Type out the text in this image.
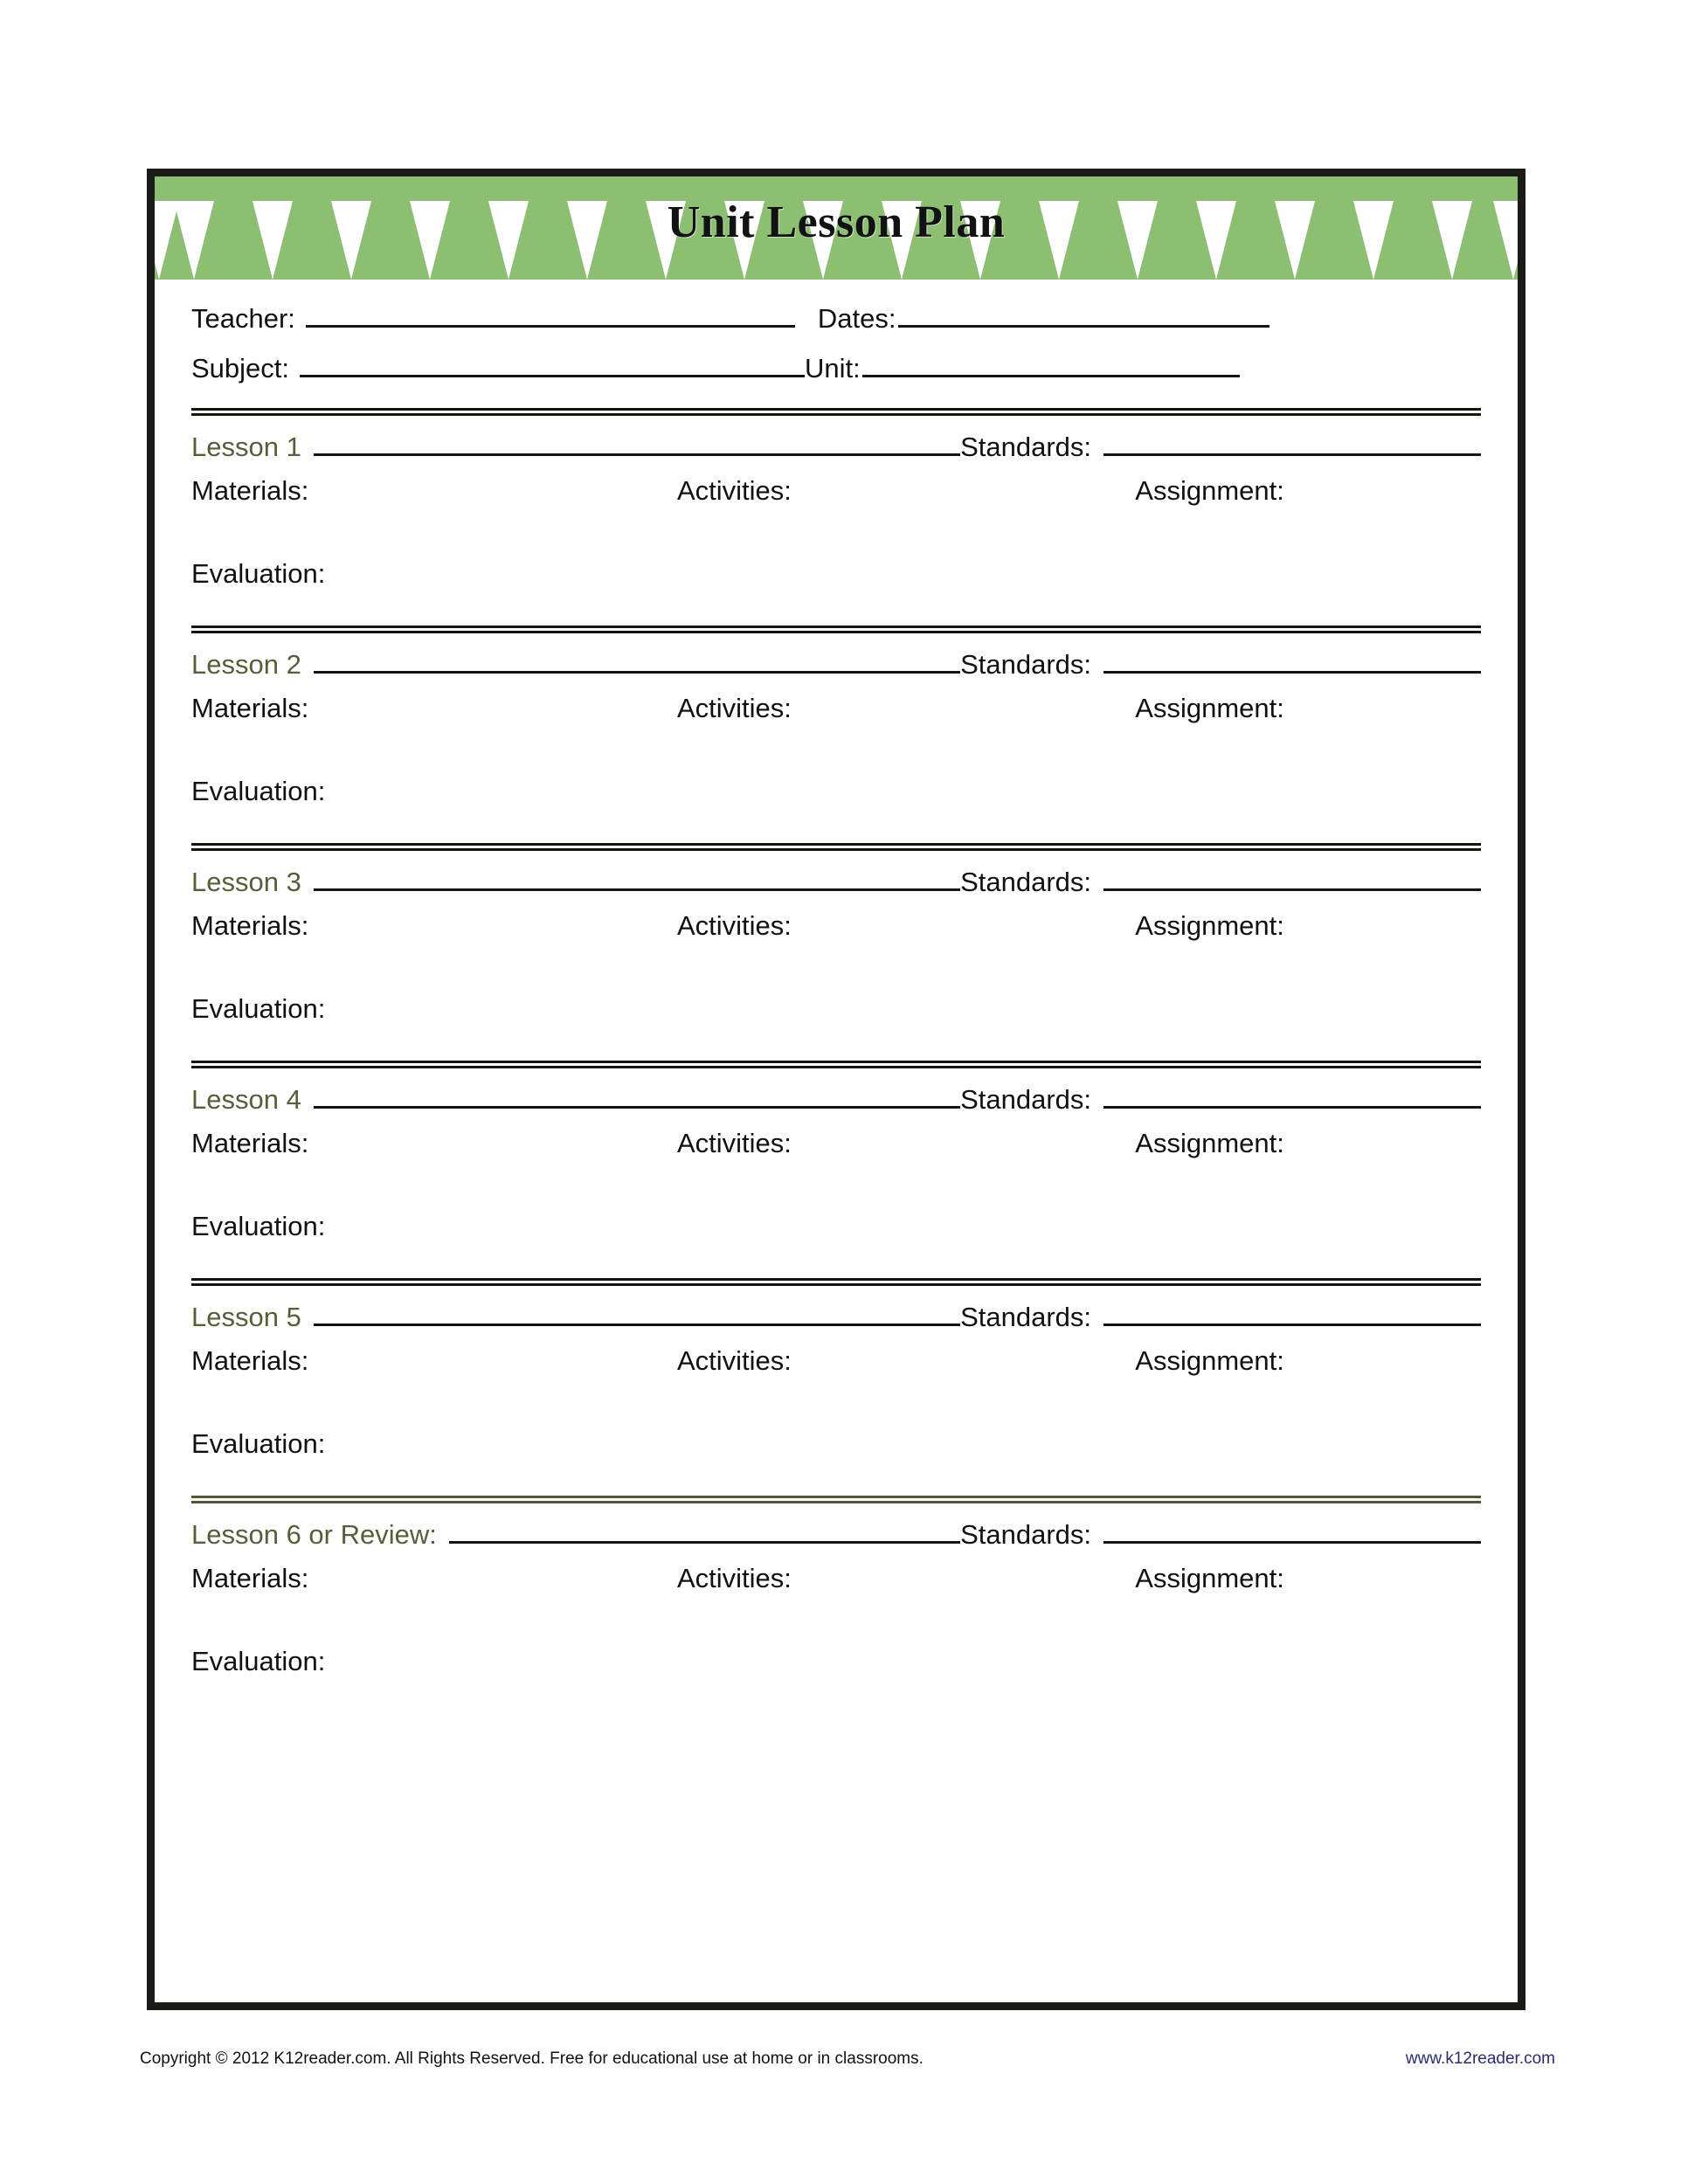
Unit Lesson Plan
Teacher:	Dates:
Subject:	Unit:
Lesson 1	Standards:
Materials:	Activities:	Assignment:
Evaluation:
Lesson 2	Standards:
Materials:	Activities:	Assignment:
Evaluation:
Lesson 3	Standards:
Materials:	Activities:	Assignment:
Evaluation:
Lesson 4	Standards:
Materials:	Activities:	Assignment:
Evaluation:
Lesson 5	Standards:
Materials:	Activities:	Assignment:
Evaluation:
Lesson 6 or Review:	Standards:
Materials:	Activities:	Assignment:
Evaluation:
Copyright © 2012 K12reader.com. All Rights Reserved. Free for educational use at home or in classrooms.	www.k12reader.com
